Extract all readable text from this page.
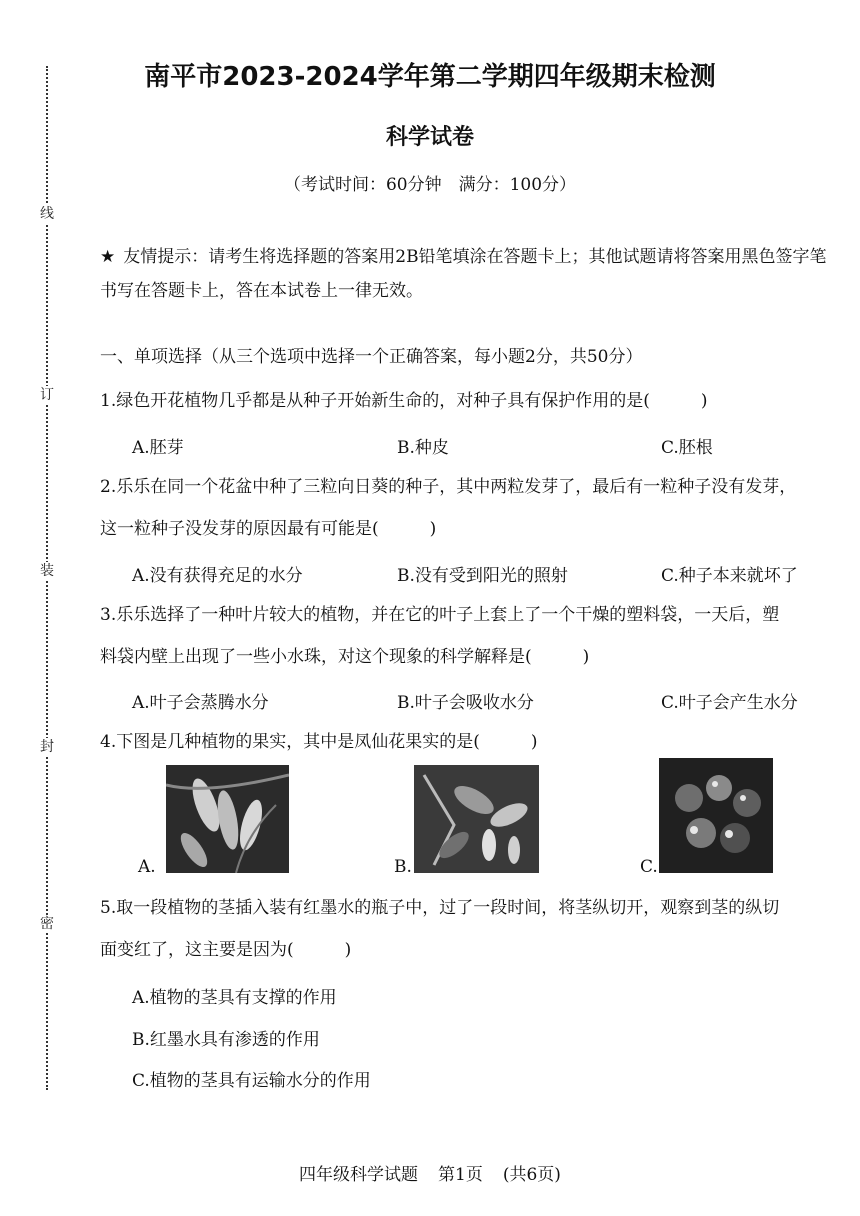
线
订
装
封
密
南平市2023-2024学年第二学期四年级期末检测
科学试卷
（考试时间：60分钟　满分：100分）
★ 友情提示：请考生将选择题的答案用2B铅笔填涂在答题卡上；其他试题请将答案用黑色签字笔书写在答题卡上，答在本试卷上一律无效。
一、单项选择（从三个选项中选择一个正确答案，每小题2分，共50分）
1.绿色开花植物几乎都是从种子开始新生命的，对种子具有保护作用的是(　　　)
A.胚芽	B.种皮	C.胚根
2.乐乐在同一个花盆中种了三粒向日葵的种子，其中两粒发芽了，最后有一粒种子没有发芽，
这一粒种子没发芽的原因最有可能是(　　　)
A.没有获得充足的水分	B.没有受到阳光的照射	C.种子本来就坏了
3.乐乐选择了一种叶片较大的植物，并在它的叶子上套上了一个干燥的塑料袋，一天后，塑
料袋内壁上出现了一些小水珠，对这个现象的科学解释是(　　　)
A.叶子会蒸腾水分	B.叶子会吸收水分	C.叶子会产生水分
4.下图是几种植物的果实，其中是凤仙花果实的是(　　　)
A.	B.	C.
5.取一段植物的茎插入装有红墨水的瓶子中，过了一段时间，将茎纵切开，观察到茎的纵切
面变红了，这主要是因为(　　　)
A.植物的茎具有支撑的作用
B.红墨水具有渗透的作用
C.植物的茎具有运输水分的作用
四年级科学试题 第1页 (共6页)
